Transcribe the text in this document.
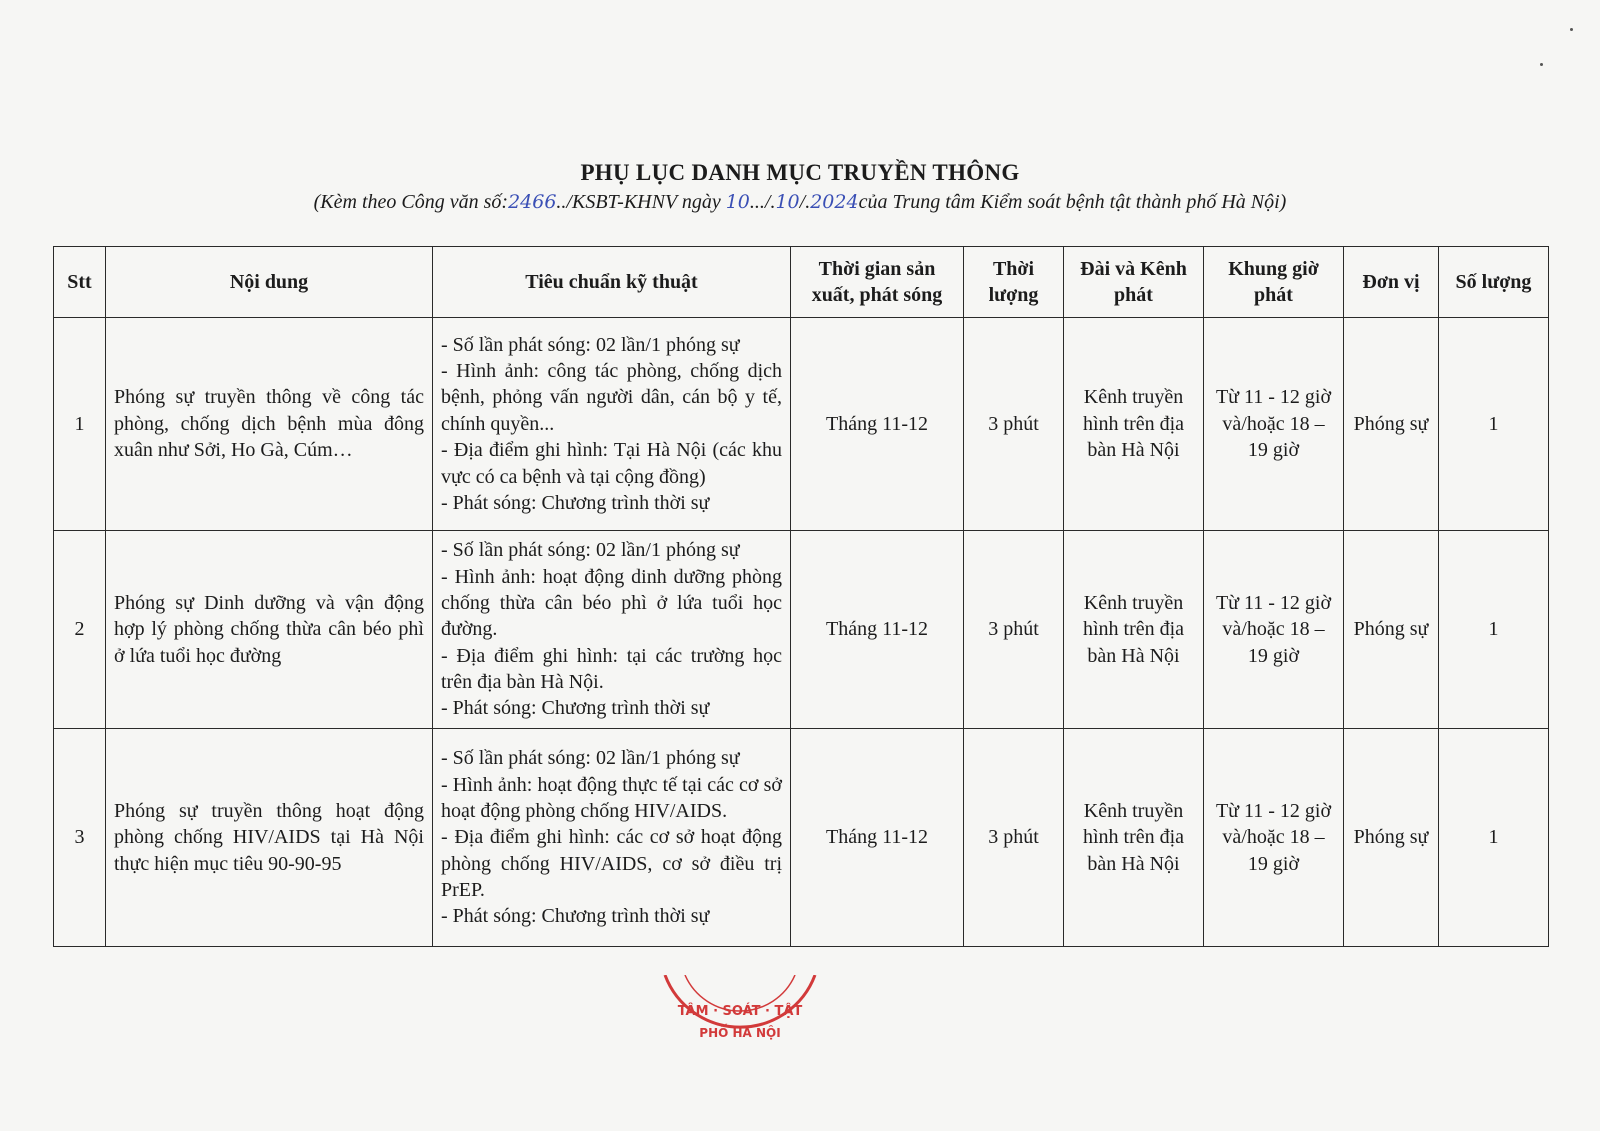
PHỤ LỤC DANH MỤC TRUYỀN THÔNG
(Kèm theo Công văn số:2466../KSBT-KHNV ngày 10.../.10/.2024của Trung tâm Kiểm soát bệnh tật thành phố Hà Nội)
Stt	Nội dung	Tiêu chuẩn kỹ thuật	Thời gian sản xuất, phát sóng	Thời lượng	Đài và Kênh phát	Khung giờ phát	Đơn vị	Số lượng
1	Phóng sự truyền thông về công tác phòng, chống dịch bệnh mùa đông xuân như Sởi, Ho Gà, Cúm…	- Số lần phát sóng: 02 lần/1 phóng sự
- Hình ảnh: công tác phòng, chống dịch bệnh, phỏng vấn người dân, cán bộ y tế, chính quyền...
- Địa điểm ghi hình: Tại Hà Nội (các khu vực có ca bệnh và tại cộng đồng)
- Phát sóng: Chương trình thời sự	Tháng 11-12	3 phút	Kênh truyền hình trên địa bàn Hà Nội	Từ 11 - 12 giờ và/hoặc 18 – 19 giờ	Phóng sự	1
2	Phóng sự Dinh dưỡng và vận động hợp lý phòng chống thừa cân béo phì ở lứa tuổi học đường	- Số lần phát sóng: 02 lần/1 phóng sự
- Hình ảnh: hoạt động dinh dưỡng phòng chống thừa cân béo phì ở lứa tuổi học đường.
- Địa điểm ghi hình: tại các trường học trên địa bàn Hà Nội.
- Phát sóng: Chương trình thời sự	Tháng 11-12	3 phút	Kênh truyền hình trên địa bàn Hà Nội	Từ 11 - 12 giờ và/hoặc 18 – 19 giờ	Phóng sự	1
3	Phóng sự truyền thông hoạt động phòng chống HIV/AIDS tại Hà Nội thực hiện mục tiêu 90-90-95	- Số lần phát sóng: 02 lần/1 phóng sự
- Hình ảnh: hoạt động thực tế tại các cơ sở hoạt động phòng chống HIV/AIDS.
- Địa điểm ghi hình: các cơ sở hoạt động phòng chống HIV/AIDS, cơ sở điều trị PrEP.
- Phát sóng: Chương trình thời sự	Tháng 11-12	3 phút	Kênh truyền hình trên địa bàn Hà Nội	Từ 11 - 12 giờ và/hoặc 18 – 19 giờ	Phóng sự	1
TÂM · SOÁT · TẬT
PHỐ HÀ NỘI
